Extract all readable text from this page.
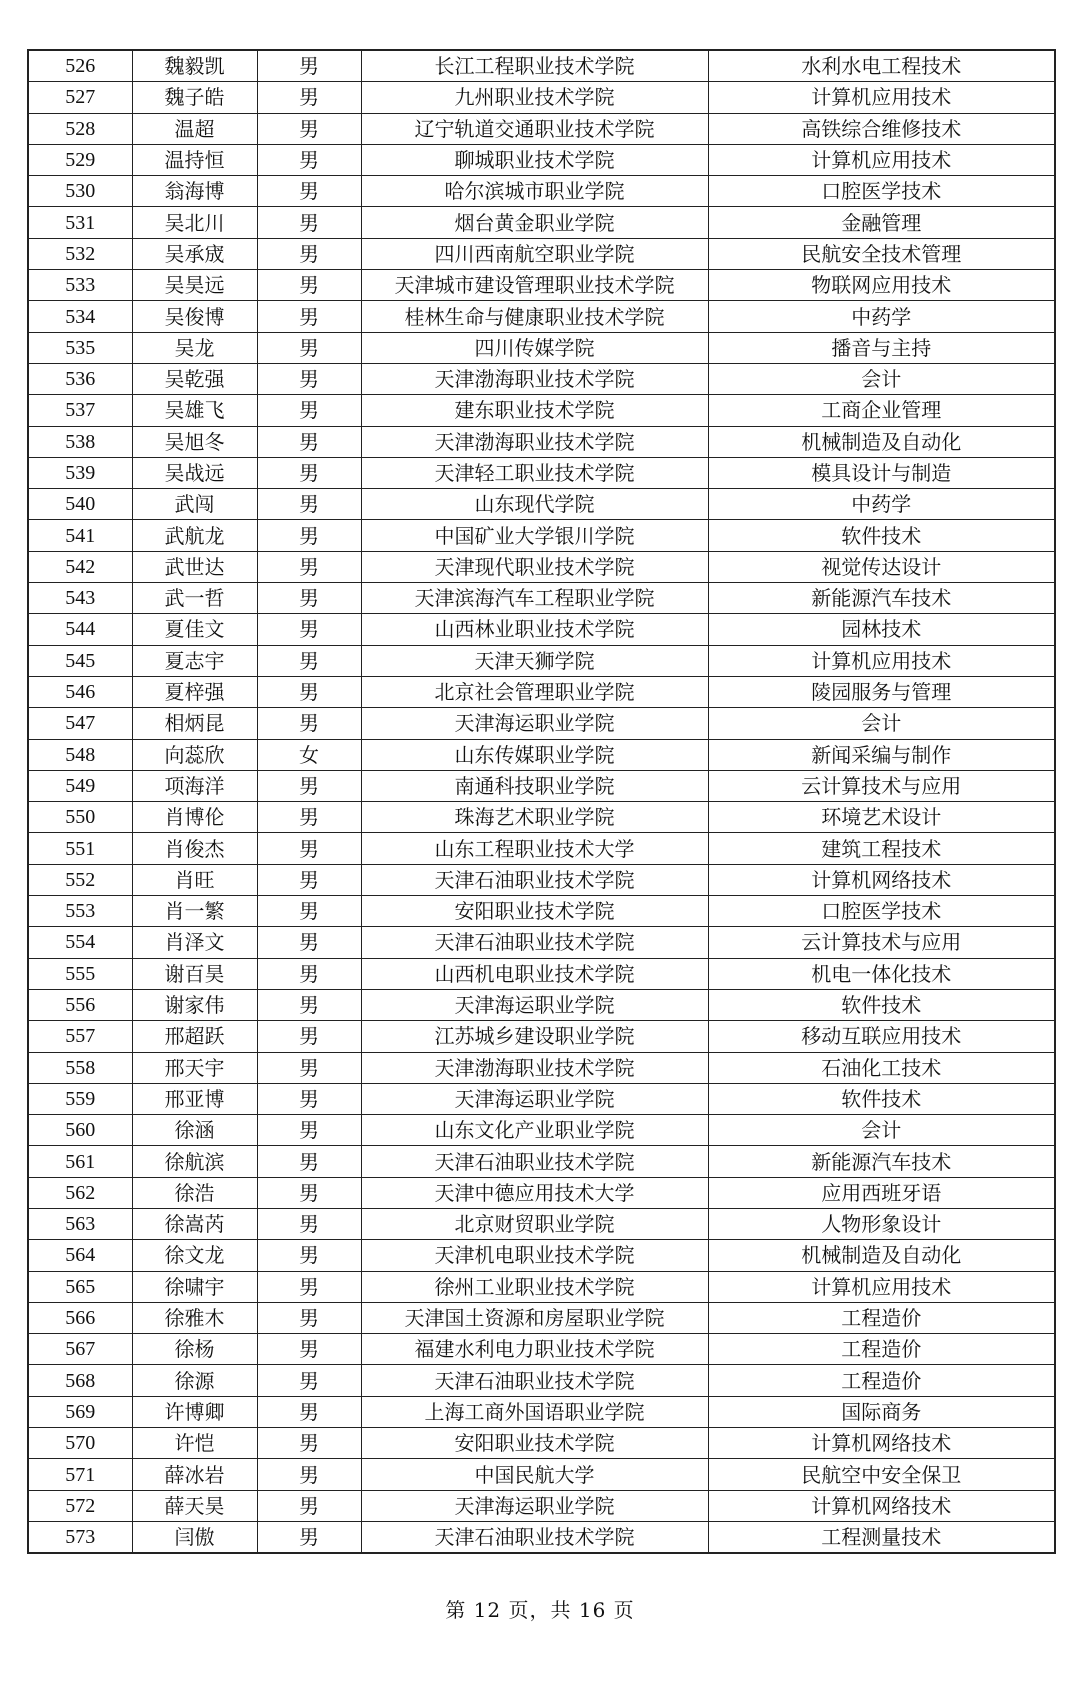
526	魏毅凯	男	长江工程职业技术学院	水利水电工程技术
527	魏子皓	男	九州职业技术学院	计算机应用技术
528	温超	男	辽宁轨道交通职业技术学院	高铁综合维修技术
529	温持恒	男	聊城职业技术学院	计算机应用技术
530	翁海博	男	哈尔滨城市职业学院	口腔医学技术
531	吴北川	男	烟台黄金职业学院	金融管理
532	吴承宬	男	四川西南航空职业学院	民航安全技术管理
533	吴昊远	男	天津城市建设管理职业技术学院	物联网应用技术
534	吴俊博	男	桂林生命与健康职业技术学院	中药学
535	吴龙	男	四川传媒学院	播音与主持
536	吴乾强	男	天津渤海职业技术学院	会计
537	吴雄飞	男	建东职业技术学院	工商企业管理
538	吴旭冬	男	天津渤海职业技术学院	机械制造及自动化
539	吴战远	男	天津轻工职业技术学院	模具设计与制造
540	武闯	男	山东现代学院	中药学
541	武航龙	男	中国矿业大学银川学院	软件技术
542	武世达	男	天津现代职业技术学院	视觉传达设计
543	武一哲	男	天津滨海汽车工程职业学院	新能源汽车技术
544	夏佳文	男	山西林业职业技术学院	园林技术
545	夏志宇	男	天津天狮学院	计算机应用技术
546	夏梓强	男	北京社会管理职业学院	陵园服务与管理
547	相炳昆	男	天津海运职业学院	会计
548	向蕊欣	女	山东传媒职业学院	新闻采编与制作
549	项海洋	男	南通科技职业学院	云计算技术与应用
550	肖博伦	男	珠海艺术职业学院	环境艺术设计
551	肖俊杰	男	山东工程职业技术大学	建筑工程技术
552	肖旺	男	天津石油职业技术学院	计算机网络技术
553	肖一繁	男	安阳职业技术学院	口腔医学技术
554	肖泽文	男	天津石油职业技术学院	云计算技术与应用
555	谢百昊	男	山西机电职业技术学院	机电一体化技术
556	谢家伟	男	天津海运职业学院	软件技术
557	邢超跃	男	江苏城乡建设职业学院	移动互联应用技术
558	邢天宇	男	天津渤海职业技术学院	石油化工技术
559	邢亚博	男	天津海运职业学院	软件技术
560	徐涵	男	山东文化产业职业学院	会计
561	徐航滨	男	天津石油职业技术学院	新能源汽车技术
562	徐浩	男	天津中德应用技术大学	应用西班牙语
563	徐嵩芮	男	北京财贸职业学院	人物形象设计
564	徐文龙	男	天津机电职业技术学院	机械制造及自动化
565	徐啸宇	男	徐州工业职业技术学院	计算机应用技术
566	徐雅木	男	天津国土资源和房屋职业学院	工程造价
567	徐杨	男	福建水利电力职业技术学院	工程造价
568	徐源	男	天津石油职业技术学院	工程造价
569	许博卿	男	上海工商外国语职业学院	国际商务
570	许恺	男	安阳职业技术学院	计算机网络技术
571	薛冰岩	男	中国民航大学	民航空中安全保卫
572	薛天昊	男	天津海运职业学院	计算机网络技术
573	闫傲	男	天津石油职业技术学院	工程测量技术
第 12 页，共 16 页
